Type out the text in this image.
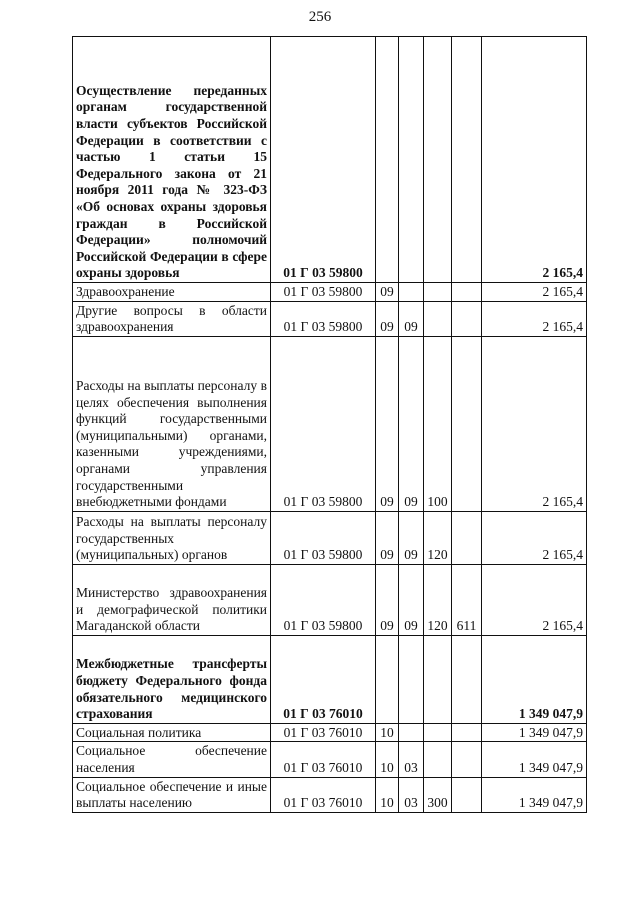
256
Осуществление переданных органам государственной власти субъектов Российской Федерации в соответствии с частью 1 статьи 15 Федерального закона от 21 ноября 2011 года № 323-ФЗ «Об основах охраны здоровья граждан в Российской Федерации» полномочий Российской Федерации в сфере охраны здоровья	01 Г 03 59800					2 165,4
Здравоохранение	01 Г 03 59800	09				2 165,4
Другие вопросы в области здравоохранения	01 Г 03 59800	09	09			2 165,4
Расходы на выплаты персоналу в целях обеспечения выполнения функций государственными (муниципальными) органами, казенными учреждениями, органами управления государственными внебюджетными фондами	01 Г 03 59800	09	09	100		2 165,4
Расходы на выплаты персоналу государственных (муниципальных) органов	01 Г 03 59800	09	09	120		2 165,4
Министерство здравоохранения и демографической политики Магаданской области	01 Г 03 59800	09	09	120	611	2 165,4
Межбюджетные трансферты бюджету Федерального фонда обязательного медицинского страхования	01 Г 03 76010					1 349 047,9
Социальная политика	01 Г 03 76010	10				1 349 047,9
Социальное обеспечение населения	01 Г 03 76010	10	03			1 349 047,9
Социальное обеспечение и иные выплаты населению	01 Г 03 76010	10	03	300		1 349 047,9
